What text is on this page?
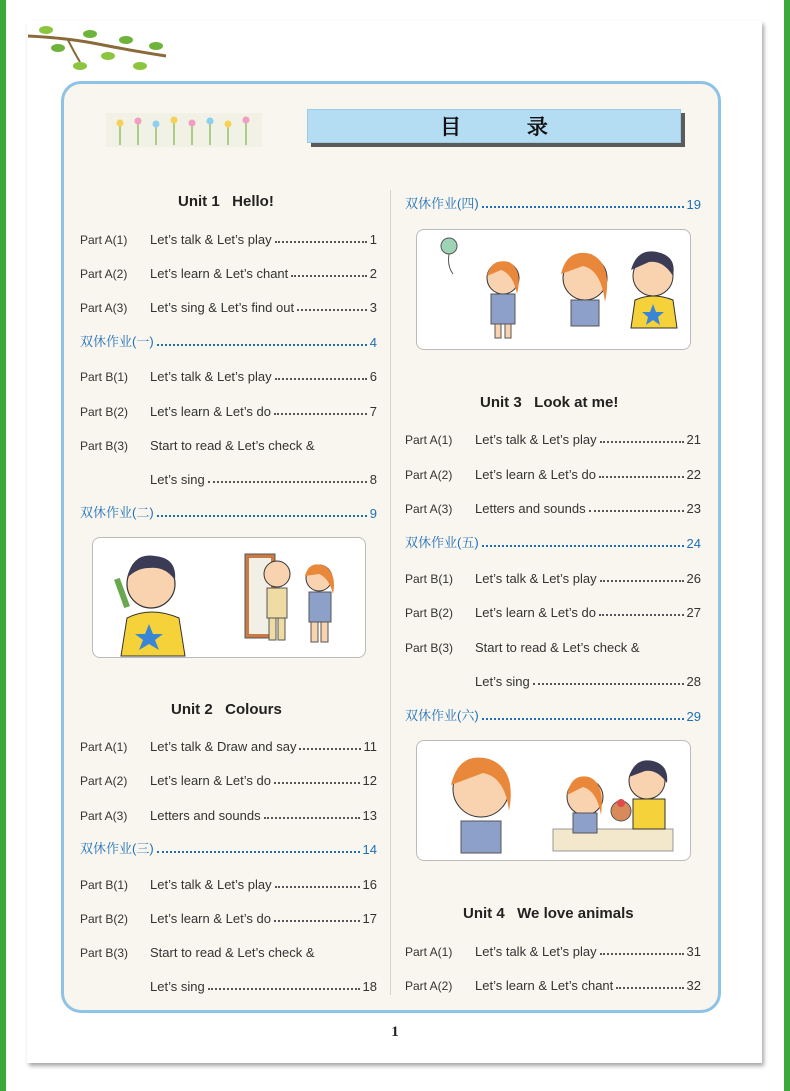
目 录
Unit 1   Hello!
Part A(1)	Let’s talk & Let’s play	1
Part A(2)	Let’s learn & Let’s chant	2
Part A(3)	Let’s sing & Let’s find out	3
双休作业(一)	4
Part B(1)	Let’s talk & Let’s play	6
Part B(2)	Let’s learn & Let’s do	7
Part B(3)	Start to read & Let’s check &
Let’s sing	8
双休作业(二)	9
Unit 2   Colours
Part A(1)	Let’s talk & Draw and say	11
Part A(2)	Let’s learn & Let’s do	12
Part A(3)	Letters and sounds	13
双休作业(三)	14
Part B(1)	Let’s talk & Let’s play	16
Part B(2)	Let’s learn & Let’s do	17
Part B(3)	Start to read & Let’s check &
Let’s sing	18
双休作业(四)	19
Unit 3   Look at me!
Part A(1)	Let’s talk & Let’s play	21
Part A(2)	Let’s learn & Let’s do	22
Part A(3)	Letters and sounds	23
双休作业(五)	24
Part B(1)	Let’s talk & Let’s play	26
Part B(2)	Let’s learn & Let’s do	27
Part B(3)	Start to read & Let’s check &
Let’s sing	28
双休作业(六)	29
Unit 4   We love animals
Part A(1)	Let’s talk & Let’s play	31
Part A(2)	Let’s learn & Let’s chant	32
1
